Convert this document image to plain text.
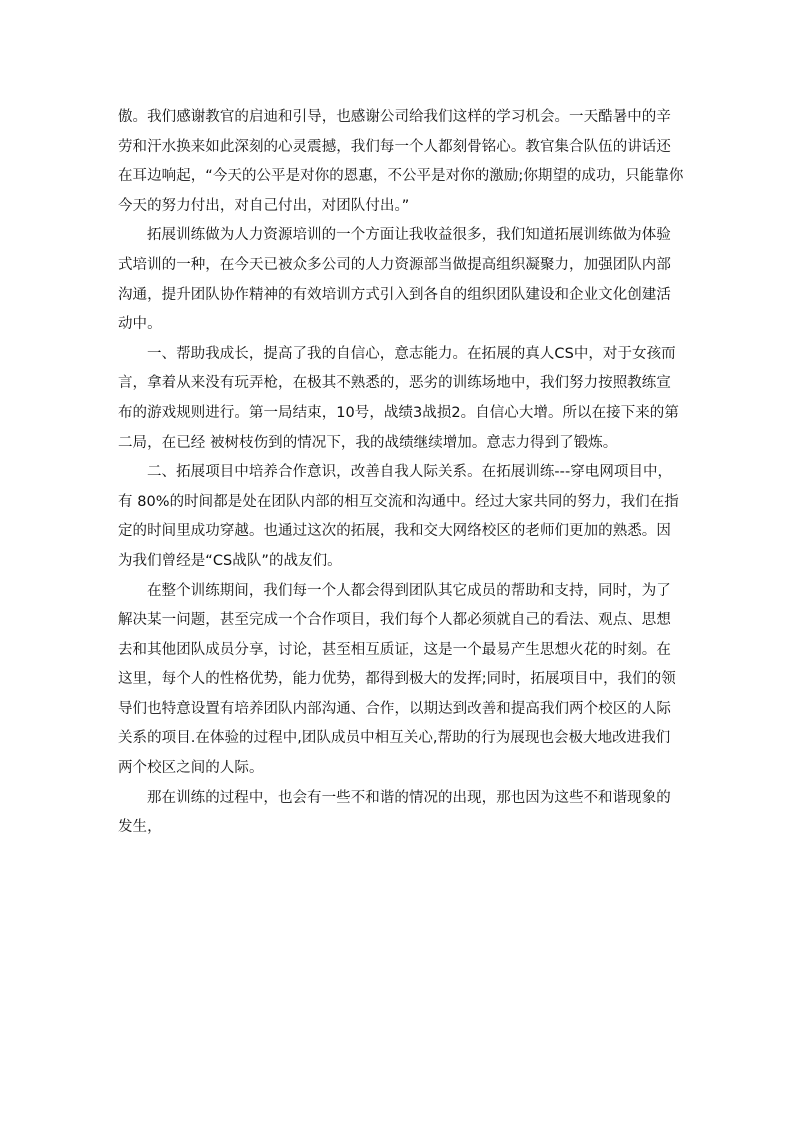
傲。我们感谢教官的启迪和引导，也感谢公司给我们这样的学习机会。一天酷暑中的辛劳和汗水换来如此深刻的心灵震撼，我们每一个人都刻骨铭心。教官集合队伍的讲话还在耳边响起，“今天的公平是对你的恩惠，不公平是对你的激励;你期望的成功，只能靠你今天的努力付出，对自己付出，对团队付出。”

拓展训练做为人力资源培训的一个方面让我收益很多，我们知道拓展训练做为体验式培训的一种，在今天已被众多公司的人力资源部当做提高组织凝聚力，加强团队内部沟通，提升团队协作精神的有效培训方式引入到各自的组织团队建设和企业文化创建活动中。

一、帮助我成长，提高了我的自信心，意志能力。在拓展的真人CS中，对于女孩而言，拿着从来没有玩弄枪，在极其不熟悉的，恶劣的训练场地中，我们努力按照教练宣布的游戏规则进行。第一局结束，10号，战绩3战损2。自信心大增。所以在接下来的第二局，在已经 被树枝伤到的情况下，我的战绩继续增加。意志力得到了锻炼。

二、拓展项目中培养合作意识，改善自我人际关系。在拓展训练---穿电网项目中，有 80%的时间都是处在团队内部的相互交流和沟通中。经过大家共同的努力，我们在指定的时间里成功穿越。也通过这次的拓展，我和交大网络校区的老师们更加的熟悉。因为我们曾经是“CS战队”的战友们。

在整个训练期间，我们每一个人都会得到团队其它成员的帮助和支持，同时，为了解决某一问题，甚至完成一个合作项目，我们每个人都必须就自己的看法、观点、思想去和其他团队成员分享，讨论，甚至相互质证，这是一个最易产生思想火花的时刻。在这里，每个人的性格优势，能力优势，都得到极大的发挥;同时，拓展项目中，我们的领导们也特意设置有培养团队内部沟通、合作，以期达到改善和提高我们两个校区的人际关系的项目.在体验的过程中,团队成员中相互关心,帮助的行为展现也会极大地改进我们两个校区之间的人际。

那在训练的过程中，也会有一些不和谐的情况的出现，那也因为这些不和谐现象的发生，
